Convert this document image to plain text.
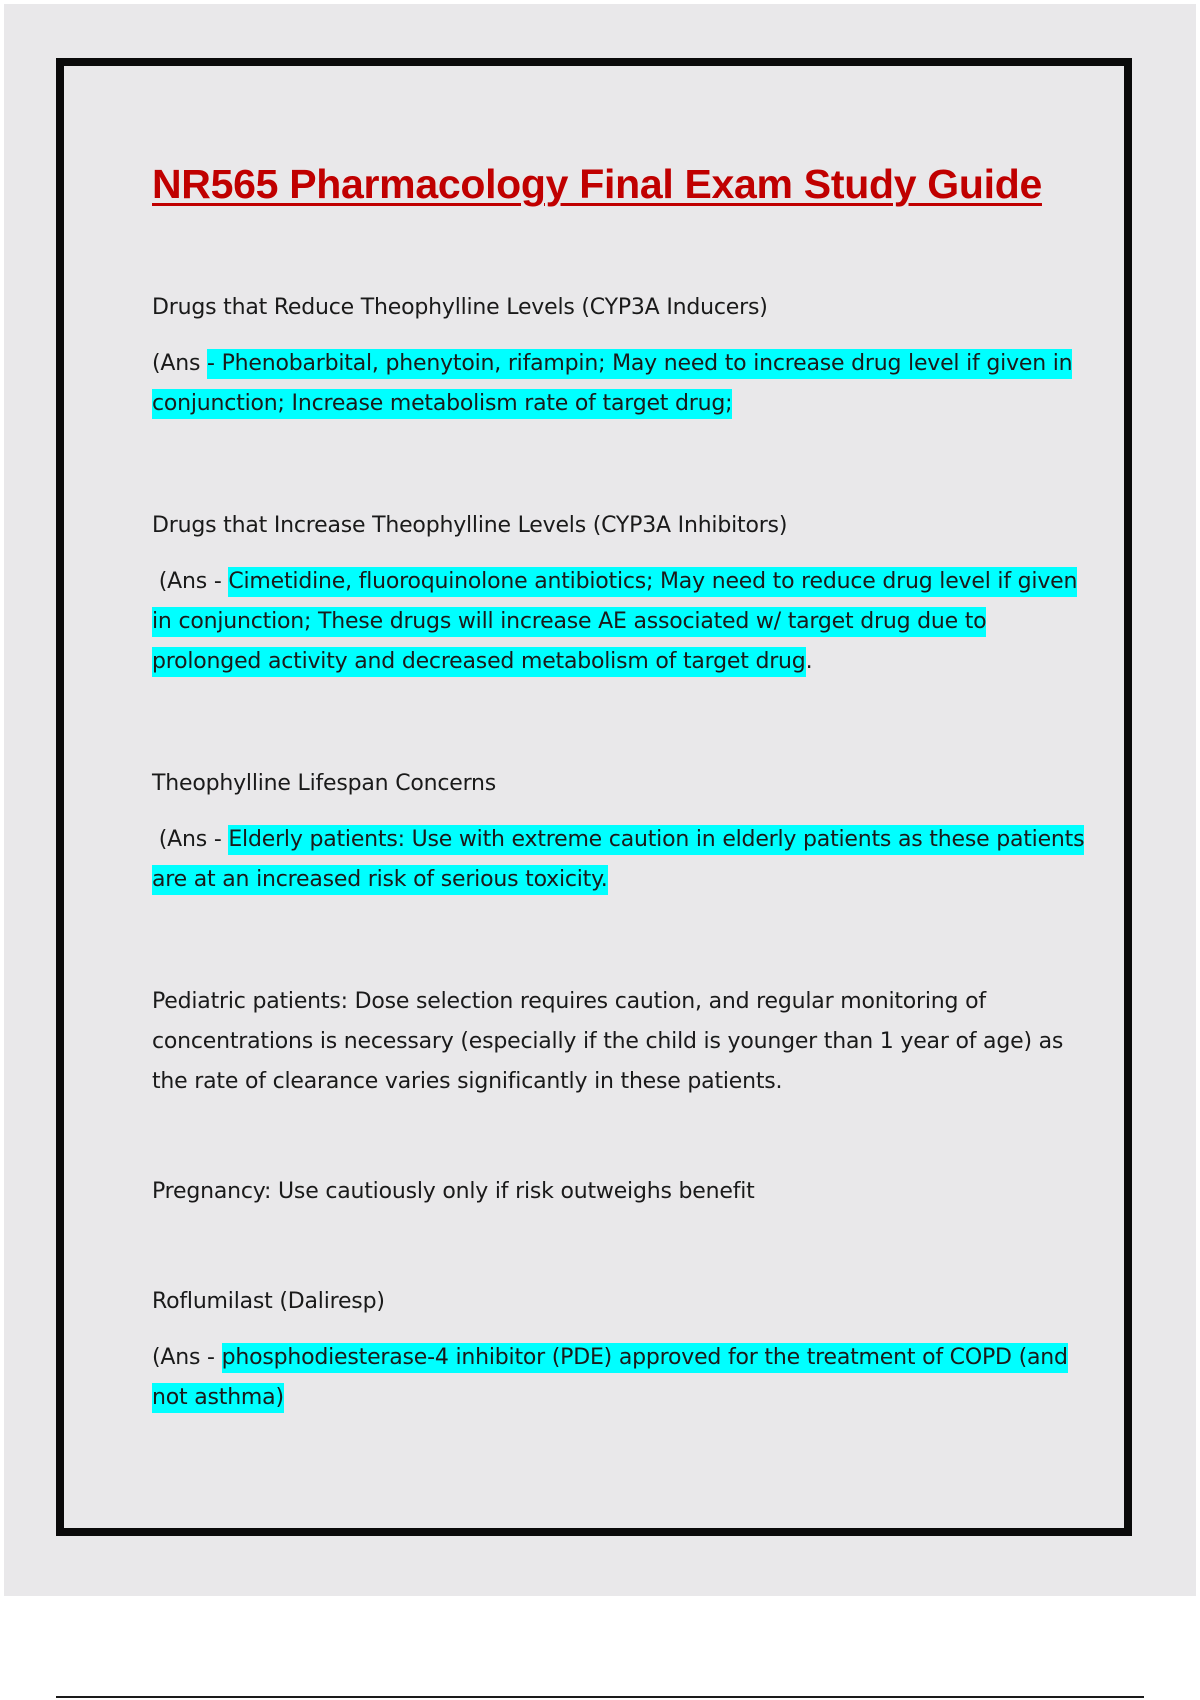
NR565 Pharmacology Final Exam Study Guide

Drugs that Reduce Theophylline Levels (CYP3A Inducers)

(Ans - Phenobarbital, phenytoin, rifampin; May need to increase drug level if given in conjunction; Increase metabolism rate of target drug;

Drugs that Increase Theophylline Levels (CYP3A Inhibitors)

(Ans - Cimetidine, fluoroquinolone antibiotics; May need to reduce drug level if given in conjunction; These drugs will increase AE associated w/ target drug due to prolonged activity and decreased metabolism of target drug.

Theophylline Lifespan Concerns

(Ans - Elderly patients: Use with extreme caution in elderly patients as these patients are at an increased risk of serious toxicity.

Pediatric patients: Dose selection requires caution, and regular monitoring of concentrations is necessary (especially if the child is younger than 1 year of age) as the rate of clearance varies significantly in these patients.

Pregnancy: Use cautiously only if risk outweighs benefit

Roflumilast (Daliresp)

(Ans - phosphodiesterase-4 inhibitor (PDE) approved for the treatment of COPD (and not asthma)
